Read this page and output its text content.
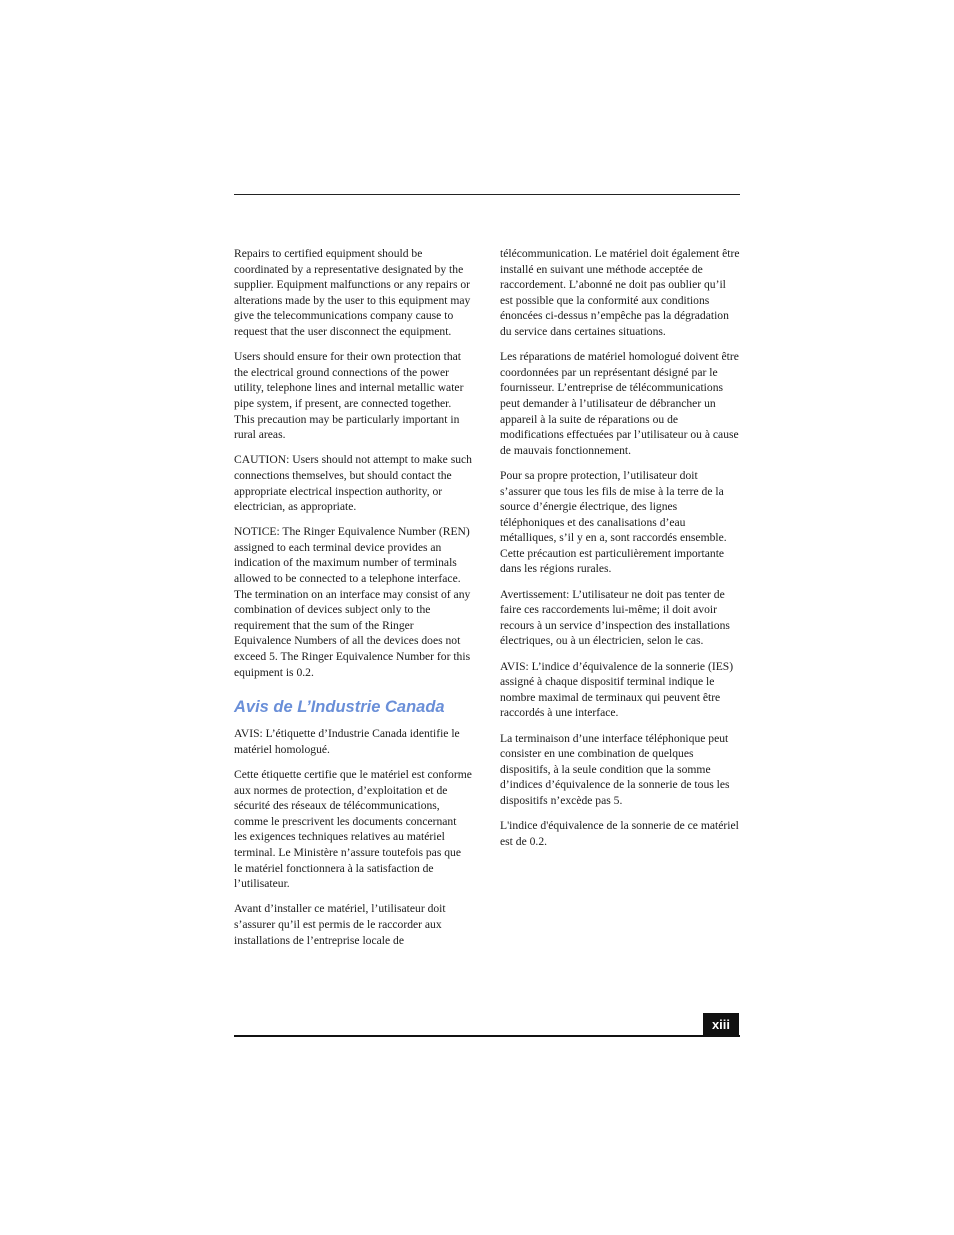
Repairs to certified equipment should be coordinated by a representative designated by the supplier. Equipment malfunctions or any repairs or alterations made by the user to this equipment may give the telecommunications company cause to request that the user disconnect the equipment.

Users should ensure for their own protection that the electrical ground connections of the power utility, telephone lines and internal metallic water pipe system, if present, are connected together. This precaution may be particularly important in rural areas.

CAUTION: Users should not attempt to make such connections themselves, but should contact the appropriate electrical inspection authority, or electrician, as appropriate.

NOTICE: The Ringer Equivalence Number (REN) assigned to each terminal device provides an indication of the maximum number of terminals allowed to be connected to a telephone interface. The termination on an interface may consist of any combination of devices subject only to the requirement that the sum of the Ringer Equivalence Numbers of all the devices does not exceed 5. The Ringer Equivalence Number for this equipment is 0.2.

Avis de L’Industrie Canada

AVIS: L’étiquette d’Industrie Canada identifie le matériel homologué.

Cette étiquette certifie que le matériel est conforme aux normes de protection, d’exploitation et de sécurité des réseaux de télécommunications, comme le prescrivent les documents concernant les exigences techniques relatives au matériel terminal. Le Ministère n’assure toutefois pas que le matériel fonctionnera à la satisfaction de l’utilisateur.

Avant d’installer ce matériel, l’utilisateur doit s’assurer qu’il est permis de le raccorder aux installations de l’entreprise locale de

télécommunication. Le matériel doit également être installé en suivant une méthode acceptée de raccordement. L’abonné ne doit pas oublier qu’il est possible que la conformité aux conditions énoncées ci-dessus n’empêche pas la dégradation du service dans certaines situations.

Les réparations de matériel homologué doivent être coordonnées par un représentant désigné par le fournisseur. L’entreprise de télécommunications peut demander à l’utilisateur de débrancher un appareil à la suite de réparations ou de modifications effectuées par l’utilisateur ou à cause de mauvais fonctionnement.

Pour sa propre protection, l’utilisateur doit s’assurer que tous les fils de mise à la terre de la source d’énergie électrique, des lignes téléphoniques et des canalisations d’eau métalliques, s’il y en a, sont raccordés ensemble. Cette précaution est particulièrement importante dans les régions rurales.

Avertissement: L’utilisateur ne doit pas tenter de faire ces raccordements lui-même; il doit avoir recours à un service d’inspection des installations électriques, ou à un électricien, selon le cas.

AVIS: L’indice d’équivalence de la sonnerie (IES) assigné à chaque dispositif terminal indique le nombre maximal de terminaux qui peuvent être raccordés à une interface.

La terminaison d’une interface téléphonique peut consister en une combination de quelques dispositifs, à la seule condition que la somme d’indices d’équivalence de la sonnerie de tous les dispositifs n’excède pas 5.

L'indice d'équivalence de la sonnerie de ce matériel est de 0.2.

xiii
